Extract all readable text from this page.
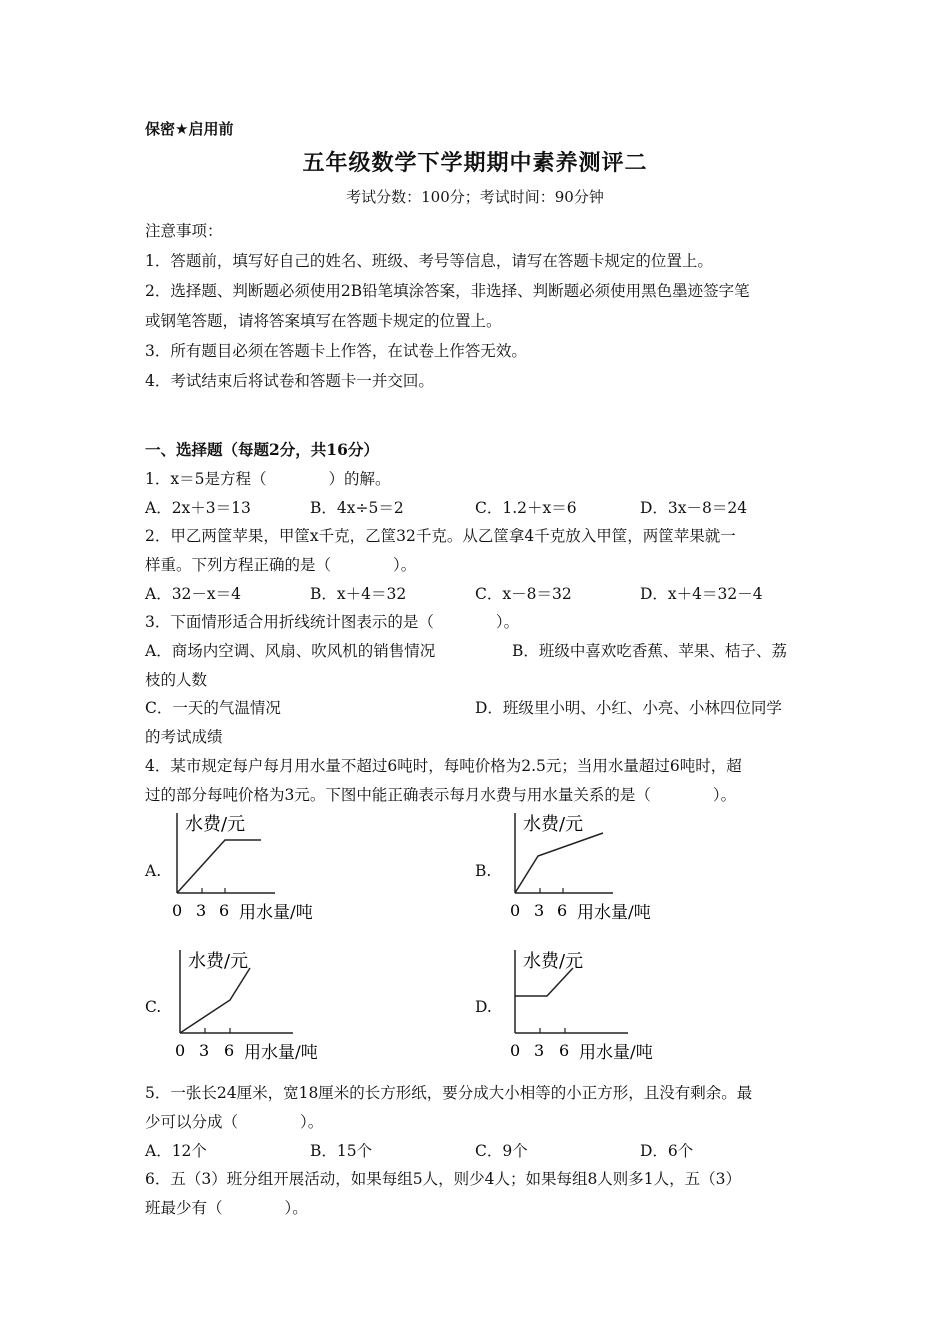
保密★启用前
五年级数学下学期期中素养测评二
考试分数：100分；考试时间：90分钟
注意事项：
1．答题前，填写好自己的姓名、班级、考号等信息，请写在答题卡规定的位置上。
2．选择题、判断题必须使用2B铅笔填涂答案，非选择、判断题必须使用黑色墨迹签字笔
或钢笔答题，请将答案填写在答题卡规定的位置上。
3．所有题目必须在答题卡上作答，在试卷上作答无效。
4．考试结束后将试卷和答题卡一并交回。
一、选择题（每题2分，共16分）
1．x＝5是方程（　　　　）的解。
A．2x＋3＝13	B．4x÷5＝2	C．1.2＋x＝6	D．3x－8＝24
2．甲乙两筐苹果，甲筐x千克，乙筐32千克。从乙筐拿4千克放入甲筐，两筐苹果就一
样重。下列方程正确的是（　　　　）。
A．32－x＝4	B．x＋4＝32	C．x－8＝32	D．x＋4＝32－4
3．下面情形适合用折线统计图表示的是（　　　　）。
A．商场内空调、风扇、吹风机的销售情况	B．班级中喜欢吃香蕉、苹果、桔子、荔
枝的人数
C．一天的气温情况	D．班级里小明、小红、小亮、小林四位同学
的考试成绩
4．某市规定每户每月用水量不超过6吨时，每吨价格为2.5元；当用水量超过6吨时，超
过的部分每吨价格为3元。下图中能正确表示每月水费与用水量关系的是（　　　　）。
A.	B.
C.	D.
水费/元
0 3 6 用水量/吨
水费/元
0 3 6 用水量/吨
水费/元
0 3 6 用水量/吨
水费/元
0 3 6 用水量/吨
5．一张长24厘米，宽18厘米的长方形纸，要分成大小相等的小正方形，且没有剩余。最
少可以分成（　　　　）。
A．12个	B．15个	C．9个	D．6个
6．五（3）班分组开展活动，如果每组5人，则少4人；如果每组8人则多1人，五（3）
班最少有（　　　　）。
